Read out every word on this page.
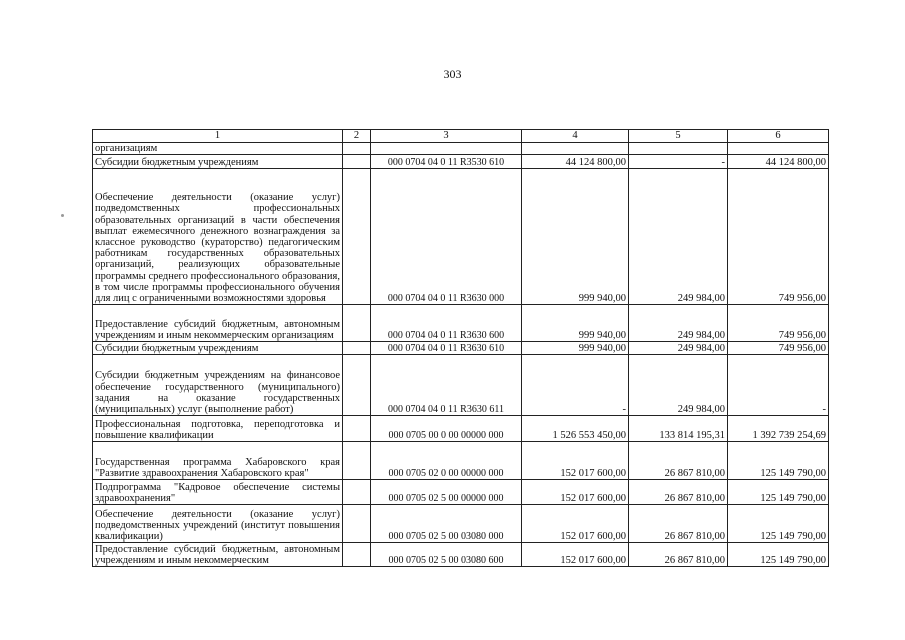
303
1	2	3	4	5	6
организациям					
Субсидии бюджетным учреждениям		000 0704 04 0 11 R3530 610	44 124 800,00	-	44 124 800,00
Обеспечение деятельности (оказание услуг) подведомственных профессиональных образовательных организаций в части обеспечения выплат ежемесячного денежного вознаграждения за классное руководство (кураторство) педагогическим работникам государственных образовательных организаций, реализующих образовательные программы среднего профессионального образования, в том числе программы профессионального обучения для лиц с ограниченными возможностями здоровья		000 0704 04 0 11 R3630 000	999 940,00	249 984,00	749 956,00
Предоставление субсидий бюджетным, автономным учреждениям и иным некоммерческим организациям		000 0704 04 0 11 R3630 600	999 940,00	249 984,00	749 956,00
Субсидии бюджетным учреждениям		000 0704 04 0 11 R3630 610	999 940,00	249 984,00	749 956,00
Субсидии бюджетным учреждениям на финансовое обеспечение государственного (муниципального) задания на оказание государственных (муниципальных) услуг (выполнение работ)		000 0704 04 0 11 R3630 611	-	249 984,00	-
Профессиональная подготовка, переподготовка и повышение квалификации		000 0705 00 0 00 00000 000	1 526 553 450,00	133 814 195,31	1 392 739 254,69
Государственная программа Хабаровского края "Развитие здравоохранения Хабаровского края"		000 0705 02 0 00 00000 000	152 017 600,00	26 867 810,00	125 149 790,00
Подпрограмма "Кадровое обеспечение системы здравоохранения"		000 0705 02 5 00 00000 000	152 017 600,00	26 867 810,00	125 149 790,00
Обеспечение деятельности (оказание услуг) подведомственных учреждений (институт повышения квалификации)		000 0705 02 5 00 03080 000	152 017 600,00	26 867 810,00	125 149 790,00
Предоставление субсидий бюджетным, автономным учреждениям и иным некоммерческим		000 0705 02 5 00 03080 600	152 017 600,00	26 867 810,00	125 149 790,00
